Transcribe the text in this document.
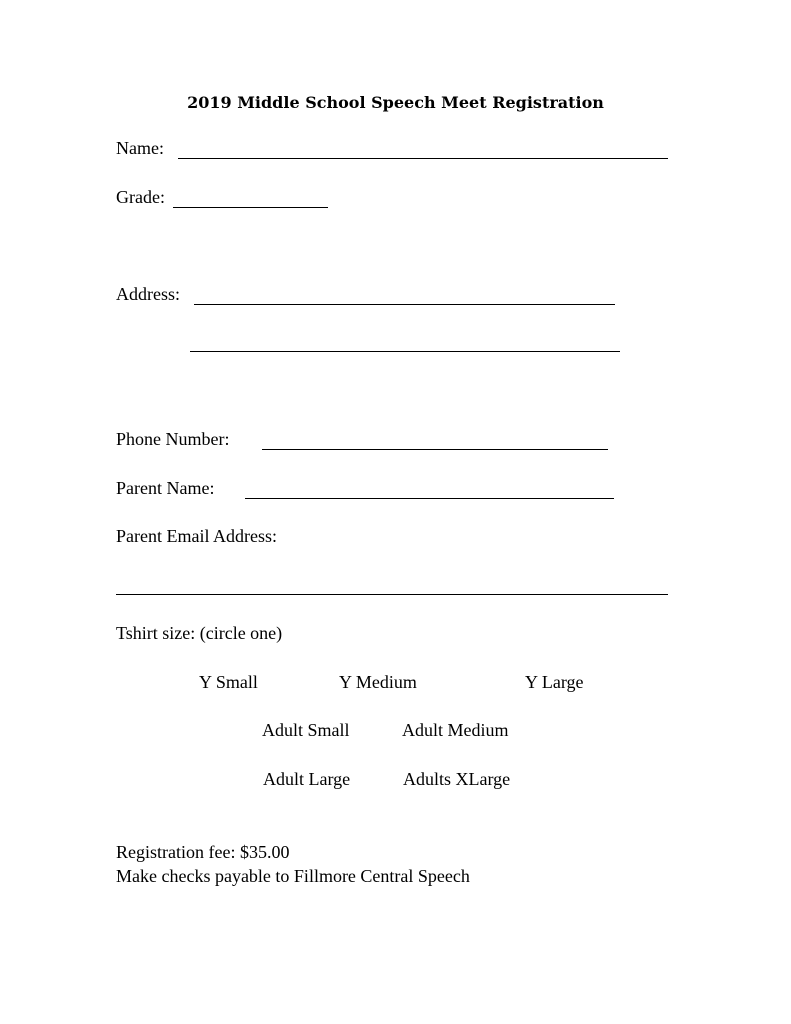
2019 Middle School Speech Meet Registration
Name:
Grade:
Address:
Phone Number:
Parent Name:
Parent Email Address:
Tshirt size: (circle one)
Y Small	Y Medium	Y Large
Adult Small	Adult Medium
Adult Large	Adults XLarge
Registration fee: $35.00
Make checks payable to Fillmore Central Speech
